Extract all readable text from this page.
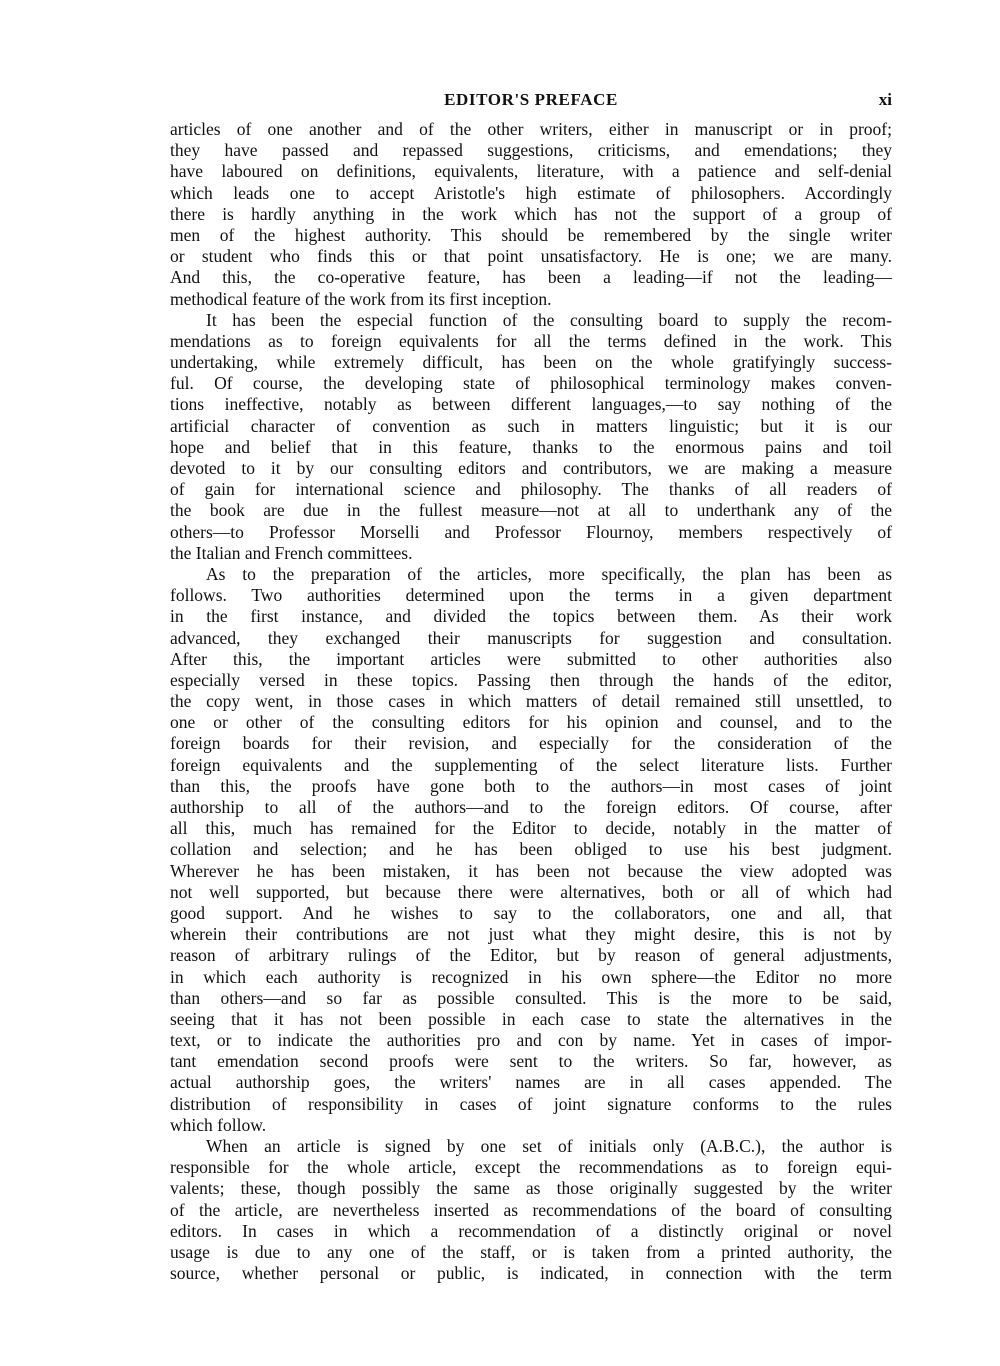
EDITOR'S PREFACE	xi
articles of one another and of the other writers, either in manuscript or in proof;
they have passed and repassed suggestions, criticisms, and emendations; they
have laboured on definitions, equivalents, literature, with a patience and self-denial
which leads one to accept Aristotle's high estimate of philosophers. Accordingly
there is hardly anything in the work which has not the support of a group of
men of the highest authority. This should be remembered by the single writer
or student who finds this or that point unsatisfactory. He is one; we are many.
And this, the co-operative feature, has been a leading—if not the leading—
methodical feature of the work from its first inception.
It has been the especial function of the consulting board to supply the recom-
mendations as to foreign equivalents for all the terms defined in the work. This
undertaking, while extremely difficult, has been on the whole gratifyingly success-
ful. Of course, the developing state of philosophical terminology makes conven-
tions ineffective, notably as between different languages,—to say nothing of the
artificial character of convention as such in matters linguistic; but it is our
hope and belief that in this feature, thanks to the enormous pains and toil
devoted to it by our consulting editors and contributors, we are making a measure
of gain for international science and philosophy. The thanks of all readers of
the book are due in the fullest measure—not at all to underthank any of the
others—to Professor Morselli and Professor Flournoy, members respectively of
the Italian and French committees.
As to the preparation of the articles, more specifically, the plan has been as
follows. Two authorities determined upon the terms in a given department
in the first instance, and divided the topics between them. As their work
advanced, they exchanged their manuscripts for suggestion and consultation.
After this, the important articles were submitted to other authorities also
especially versed in these topics. Passing then through the hands of the editor,
the copy went, in those cases in which matters of detail remained still unsettled, to
one or other of the consulting editors for his opinion and counsel, and to the
foreign boards for their revision, and especially for the consideration of the
foreign equivalents and the supplementing of the select literature lists. Further
than this, the proofs have gone both to the authors—in most cases of joint
authorship to all of the authors—and to the foreign editors. Of course, after
all this, much has remained for the Editor to decide, notably in the matter of
collation and selection; and he has been obliged to use his best judgment.
Wherever he has been mistaken, it has been not because the view adopted was
not well supported, but because there were alternatives, both or all of which had
good support. And he wishes to say to the collaborators, one and all, that
wherein their contributions are not just what they might desire, this is not by
reason of arbitrary rulings of the Editor, but by reason of general adjustments,
in which each authority is recognized in his own sphere—the Editor no more
than others—and so far as possible consulted. This is the more to be said,
seeing that it has not been possible in each case to state the alternatives in the
text, or to indicate the authorities pro and con by name. Yet in cases of impor-
tant emendation second proofs were sent to the writers. So far, however, as
actual authorship goes, the writers' names are in all cases appended. The
distribution of responsibility in cases of joint signature conforms to the rules
which follow.
When an article is signed by one set of initials only (A.B.C.), the author is
responsible for the whole article, except the recommendations as to foreign equi-
valents; these, though possibly the same as those originally suggested by the writer
of the article, are nevertheless inserted as recommendations of the board of consulting
editors. In cases in which a recommendation of a distinctly original or novel
usage is due to any one of the staff, or is taken from a printed authority, the
source, whether personal or public, is indicated, in connection with the term
